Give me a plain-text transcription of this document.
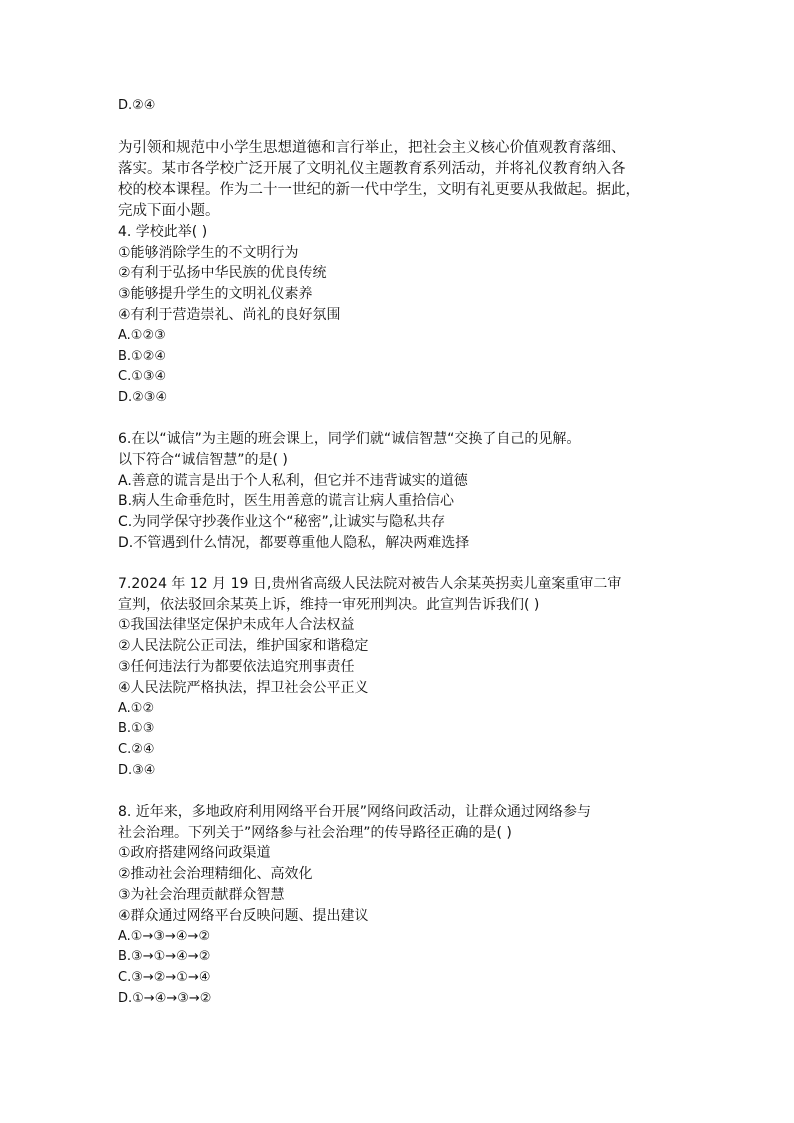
D.②④
为引领和规范中小学生思想道德和言行举止，把社会主义核心价值观教育落细、
落实。某市各学校广泛开展了文明礼仪主题教育系列活动，并将礼仪教育纳入各
校的校本课程。作为二十一世纪的新一代中学生，文明有礼更要从我做起。据此，
完成下面小题。
4. 学校此举( )
①能够消除学生的不文明行为
②有利于弘扬中华民族的优良传统
③能够提升学生的文明礼仪素养
④有利于营造崇礼、尚礼的良好氛围
A.①②③
B.①②④
C.①③④
D.②③④
6.在以“诚信”为主题的班会课上，同学们就“诚信智慧“交换了自己的见解。
以下符合“诚信智慧”的是( )
A.善意的谎言是出于个人私利，但它并不违背诚实的道德
B.病人生命垂危时，医生用善意的谎言让病人重拾信心
C.为同学保守抄袭作业这个“秘密”,让诚实与隐私共存
D.不管遇到什么情况，都要尊重他人隐私，解决两难选择
7.2024 年 12 月 19 日,贵州省高级人民法院对被告人余某英拐卖儿童案重审二审
宣判，依法驳回余某英上诉，维持一审死刑判决。此宣判告诉我们( )
①我国法律坚定保护未成年人合法权益
②人民法院公正司法，维护国家和谐稳定
③任何违法行为都要依法追究刑事责任
④人民法院严格执法，捍卫社会公平正义
A.①②
B.①③
C.②④
D.③④
8. 近年来，多地政府利用网络平台开展”网络问政活动，让群众通过网络参与
社会治理。下列关于”网络参与社会治理”的传导路径正确的是( )
①政府搭建网络问政渠道
②推动社会治理精细化、高效化
③为社会治理贡献群众智慧
④群众通过网络平台反映问题、提出建议
A.①→③→④→②
B.③→①→④→②
C.③→②→①→④
D.①→④→③→②
